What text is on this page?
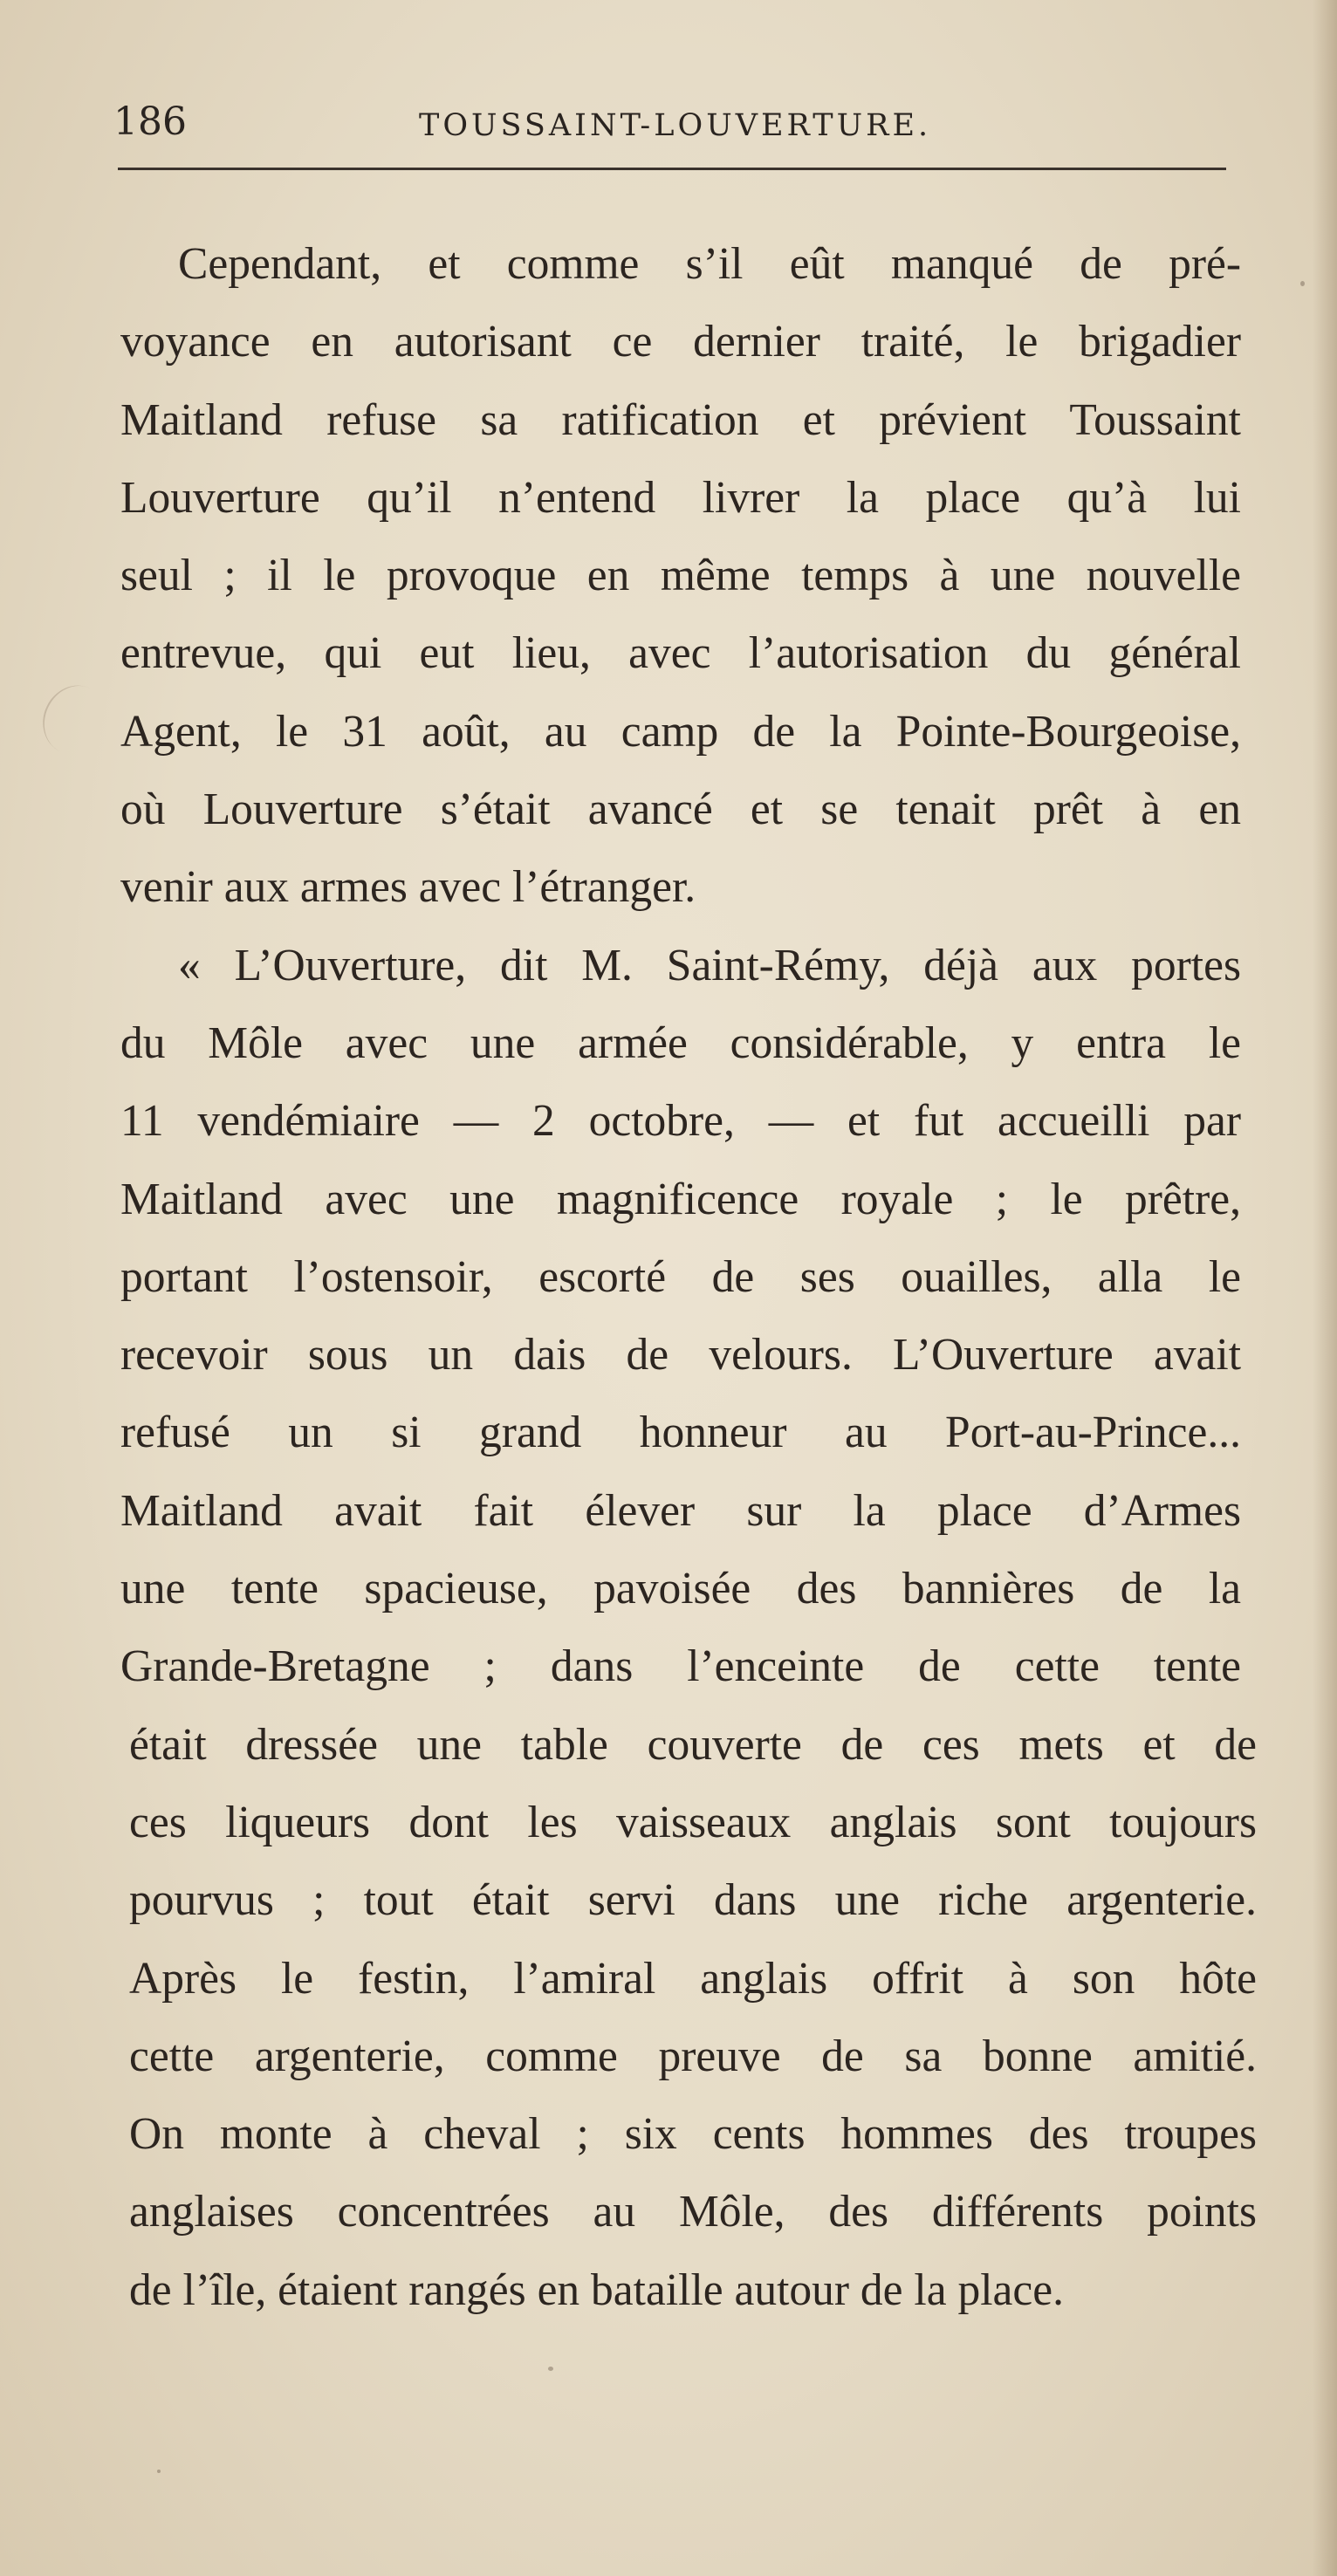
186	TOUSSAINT-LOUVERTURE.
Cependant, et comme s’il eût manqué de pré-
voyance en autorisant ce dernier traité, le brigadier
Maitland refuse sa ratification et prévient Toussaint
Louverture qu’il n’entend livrer la place qu’à lui
seul ; il le provoque en même temps à une nouvelle
entrevue, qui eut lieu, avec l’autorisation du général
Agent, le 31 août, au camp de la Pointe-Bourgeoise,
où Louverture s’était avancé et se tenait prêt à en
venir aux armes avec l’étranger.
« L’Ouverture, dit M. Saint-Rémy, déjà aux portes
du Môle avec une armée considérable, y entra le
11 vendémiaire — 2 octobre, — et fut accueilli par
Maitland avec une magnificence royale ; le prêtre,
portant l’ostensoir, escorté de ses ouailles, alla le
recevoir sous un dais de velours. L’Ouverture avait
refusé un si grand honneur au Port-au-Prince...
Maitland avait fait élever sur la place d’Armes
une tente spacieuse, pavoisée des bannières de la
Grande-Bretagne ; dans l’enceinte de cette tente
était dressée une table couverte de ces mets et de
ces liqueurs dont les vaisseaux anglais sont toujours
pourvus ; tout était servi dans une riche argenterie.
Après le festin, l’amiral anglais offrit à son hôte
cette argenterie, comme preuve de sa bonne amitié.
On monte à cheval ; six cents hommes des troupes
anglaises concentrées au Môle, des différents points
de l’île, étaient rangés en bataille autour de la place.
